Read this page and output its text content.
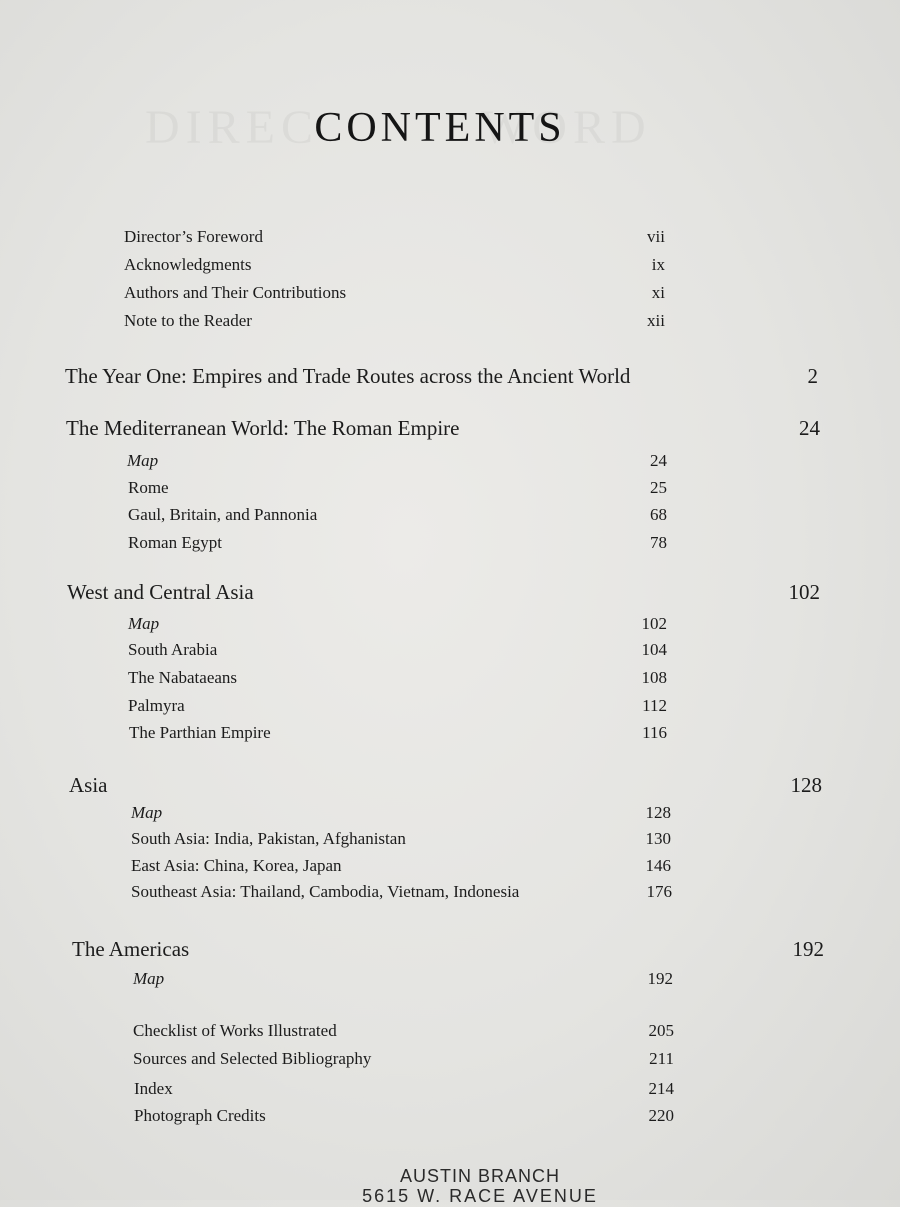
CONTENTS
Director’s Foreword	vii
Acknowledgments	ix
Authors and Their Contributions	xi
Note to the Reader	xii
The Year One: Empires and Trade Routes across the Ancient World	2
The Mediterranean World: The Roman Empire	24
Map	24
Rome	25
Gaul, Britain, and Pannonia	68
Roman Egypt	78
West and Central Asia	102
Map	102
South Arabia	104
The Nabataeans	108
Palmyra	112
The Parthian Empire	116
Asia	128
Map	128
South Asia: India, Pakistan, Afghanistan	130
East Asia: China, Korea, Japan	146
Southeast Asia: Thailand, Cambodia, Vietnam, Indonesia	176
The Americas	192
Map	192
Checklist of Works Illustrated	205
Sources and Selected Bibliography	211
Index	214
Photograph Credits	220
AUSTIN BRANCH
5615 W. RACE AVENUE
